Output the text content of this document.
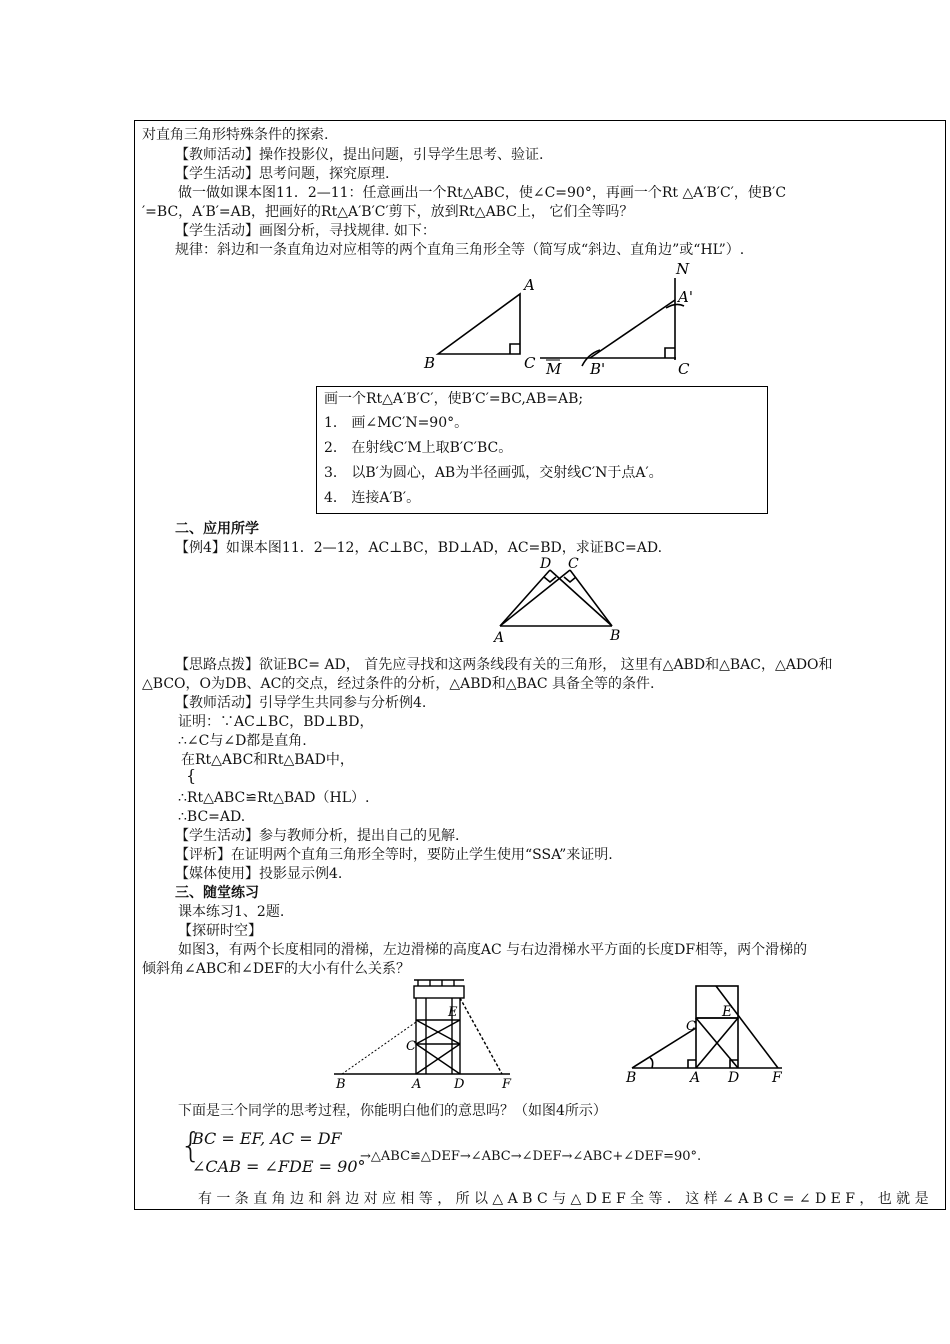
对直角三角形特殊条件的探索.
【教师活动】操作投影仪，提出问题，引导学生思考、验证.
【学生活动】思考问题，探究原理.
做一做如课本图11．2—11：任意画出一个Rt△ABC，使∠C=90°，再画一个Rt △A′B′C′，使B′C
′=BC，A′B′=AB，把画好的Rt△A′B′C′剪下，放到Rt△ABC上， 它们全等吗？
【学生活动】画图分析，寻找规律. 如下：
规律：斜边和一条直角边对应相等的两个直角三角形全等（简写成“斜边、直角边”或“HL”）.
B
A
C
N
A'
M B'	C
画一个Rt△A′B′C′，使B′C′=BC,AB=AB;
1． 画∠MC′N=90°。
2． 在射线C′M上取B′C′BC。
3． 以B′为圆心，AB为半径画弧，交射线C′N于点A′。
4． 连接A′B′。
二、应用所学
【例4】如课本图11．2—12，AC⊥BC，BD⊥AD，AC=BD，求证BC=AD.
D C
A	B
【思路点拨】欲证BC= AD， 首先应寻找和这两条线段有关的三角形， 这里有△ABD和△BAC，△ADO和
△BCO，O为DB、AC的交点，经过条件的分析，△ABD和△BAC 具备全等的条件.
【教师活动】引导学生共同参与分析例4.
证明：∵AC⊥BC，BD⊥BD，
∴∠C与∠D都是直角.
在Rt△ABC和Rt△BAD中，
{
∴Rt△ABC≌Rt△BAD（HL）.
∴BC=AD.
【学生活动】参与教师分析，提出自己的见解.
【评析】在证明两个直角三角形全等时，要防止学生使用“SSA”来证明.
【媒体使用】投影显示例4.
三、随堂练习
课本练习1、2题.
【探研时空】
如图3，有两个长度相同的滑梯，左边滑梯的高度AC 与右边滑梯水平方面的长度DF相等，两个滑梯的
倾斜角∠ABC和∠DEF的大小有什么关系？
B	A
C
D
E
F	B	A
C
D
E
F
下面是三个同学的思考过程，你能明白他们的意思吗？（如图4所示）
{
BC = EF, AC = DF
∠CAB = ∠FDE = 90°
→△ABC≌△DEF→∠ABC→∠DEF→∠ABC+∠DEF=90°.
有一条直角边和斜边对应相等，所以△ABC与△DEF全等．这样∠ABC=∠DEF，也就是
